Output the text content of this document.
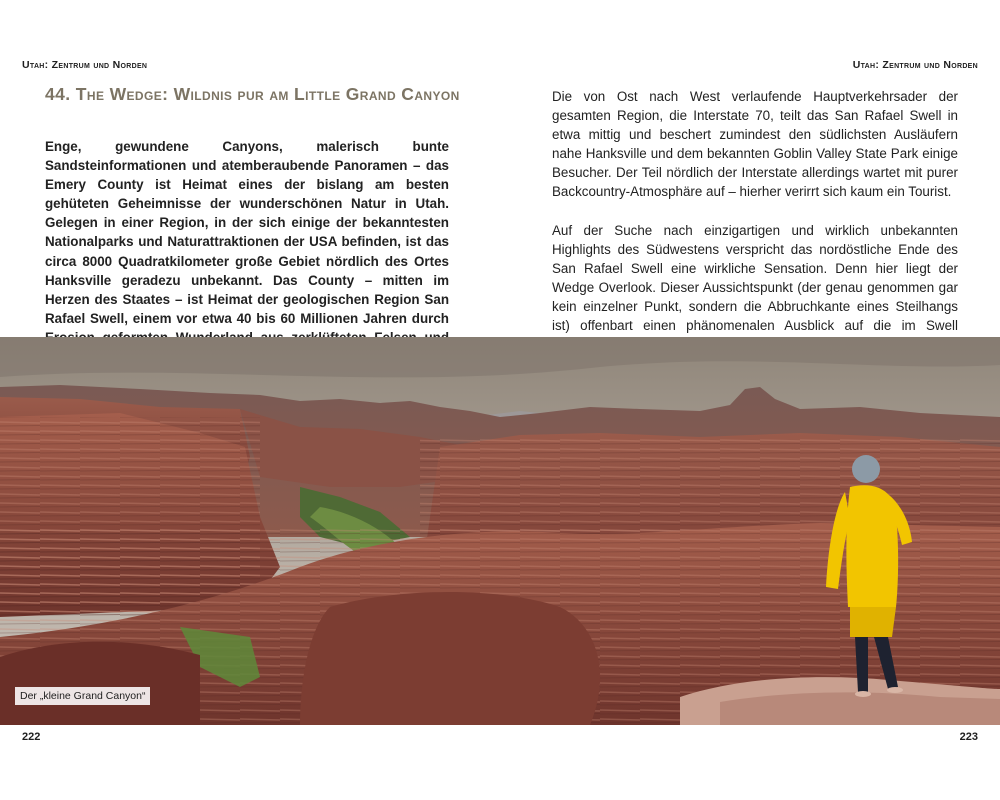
Utah: Zentrum und Norden	Utah: Zentrum und Norden
44. The Wedge: Wildnis pur am Little Grand Canyon
Enge, gewundene Canyons, malerisch bunte Sandsteinformationen und atemberaubende Panoramen – das Emery County ist Heimat eines der bislang am besten gehüteten Geheimnisse der wunderschönen Natur in Utah. Gelegen in einer Region, in der sich einige der bekanntesten Nationalparks und Naturattraktionen der USA befinden, ist das circa 8000 Quadratkilometer große Gebiet nördlich des Ortes Hanksville geradezu unbekannt. Das County – mitten im Herzen des Staates – ist Heimat der geologischen Region San Rafael Swell, einem vor etwa 40 bis 60 Millionen Jahren durch

Die von Ost nach West verlaufende Hauptverkehrsader der gesamten Region, die Interstate 70, teilt das San Rafael Swell in etwa mittig und beschert zumindest den südlichsten Ausläufern nahe Hanksville und dem bekannten Goblin Valley State Park einige Besucher. Der Teil nördlich der Interstate allerdings wartet mit purer Backcountry-Atmosphäre auf – hierher verirrt sich kaum ein Tourist.

Auf der Suche nach einzigartigen und wirklich unbekannten Highlights des Südwestens verspricht das nordöstliche Ende des San Rafael Swell eine wirkliche Sensation. Denn hier liegt der Wedge Overlook. Dieser Aussichtspunkt (der genau genommen gar kein einzelner Punkt, sondern die Abbruchkante eines Steilhangs ist) offenbart einen phänomenalen Ausblick auf die im Swell

Der „kleine Grand Canyon“
222	223
